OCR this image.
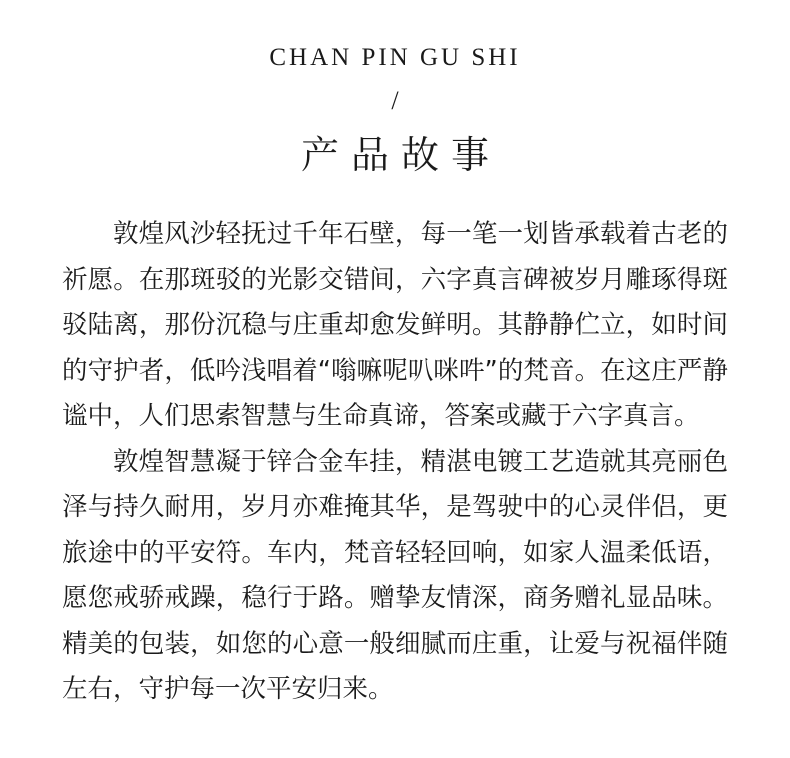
CHAN PIN GU SHI
/
产品故事

敦煌风沙轻抚过千年石壁，每一笔一划皆承载着古老的祈愿。在那斑驳的光影交错间，六字真言碑被岁月雕琢得斑驳陆离，那份沉稳与庄重却愈发鲜明。其静静伫立，如时间的守护者，低吟浅唱着“嗡嘛呢叭咪吽”的梵音。在这庄严静谧中，人们思索智慧与生命真谛，答案或藏于六字真言。

敦煌智慧凝于锌合金车挂，精湛电镀工艺造就其亮丽色泽与持久耐用，岁月亦难掩其华，是驾驶中的心灵伴侣，更旅途中的平安符。车内，梵音轻轻回响，如家人温柔低语，愿您戒骄戒躁，稳行于路。赠挚友情深，商务赠礼显品味。精美的包装，如您的心意一般细腻而庄重，让爱与祝福伴随左右，守护每一次平安归来。
